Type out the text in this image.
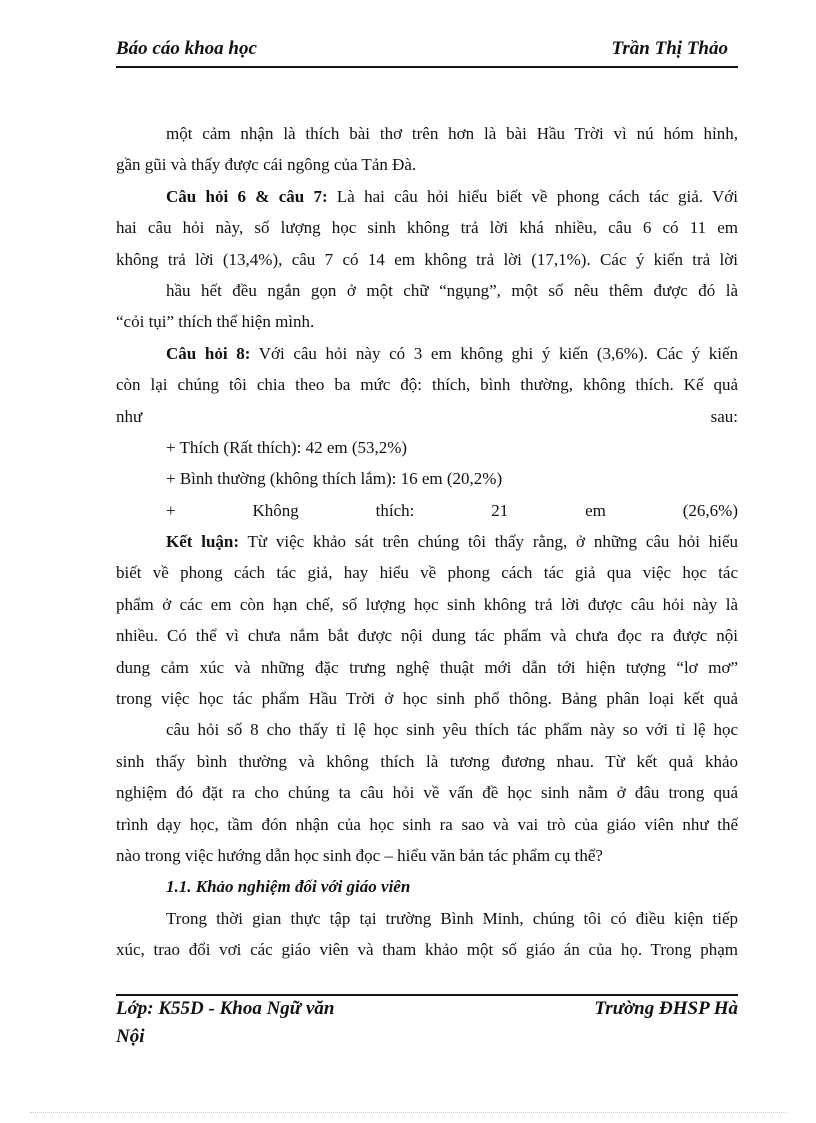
Báo cáo khoa học	Trần Thị Thảo
một cảm nhận là thích bài thơ trên hơn là bài Hầu Trời vì nú hóm hỉnh,
gần gũi và thấy được cái ngông của Tản Đà.
Câu hỏi 6 & câu 7: Là hai câu hỏi hiểu biết về phong cách tác giả. Với
hai câu hỏi này, số lượng học sinh không trả lời khá nhiều, câu 6 có 11 em
không trả lời (13,4%), câu 7 có 14 em không trả lời (17,1%). Các ý kiến trả lời
hầu hết đều ngắn gọn ở một chữ “ngụng”, một số nêu thêm được đó là
“cỏi tụi” thích thể hiện mình.
Câu hỏi 8: Với câu hỏi này có 3 em không ghi ý kiến (3,6%). Các ý kiến
còn lại chúng tôi chia theo ba mức độ: thích, bình thường, không thích. Kế quả
như sau:
+ Thích (Rất thích): 42 em (53,2%)
+ Bình thường (không thích lắm): 16 em (20,2%)
+ Không thích: 21 em (26,6%)
Kết luận: Từ việc khảo sát trên chúng tôi thấy rằng, ở những câu hỏi hiểu
biết về phong cách tác giả, hay hiểu về phong cách tác giả qua việc học tác
phẩm ở các em còn hạn chế, số lượng học sinh không trả lời được câu hỏi này là
nhiều. Có thể vì chưa nắm bắt được nội dung tác phẩm và chưa đọc ra được nội
dung cảm xúc và những đặc trưng nghệ thuật mới dẫn tới hiện tượng “lơ mơ”
trong việc học tác phẩm Hầu Trời ở học sinh phổ thông. Bảng phân loại kết quả
câu hỏi số 8 cho thấy tỉ lệ học sinh yêu thích tác phẩm này so với tỉ lệ học
sinh thấy bình thường và không thích là tương đương nhau. Từ kết quả khảo
nghiệm đó đặt ra cho chúng ta câu hỏi về vấn đề học sinh nằm ở đâu trong quá
trình dạy học, tầm đón nhận của học sinh ra sao và vai trò của giáo viên như thế
nào trong việc hướng dẫn học sinh đọc – hiểu văn bản tác phẩm cụ thể?
1.1. Khảo nghiệm đối với giáo viên
Trong thời gian thực tập tại trường Bình Minh, chúng tôi có điều kiện tiếp
xúc, trao đổi vơi các giáo viên và tham khảo một số giáo án của họ. Trong phạm
Lớp: K55D - Khoa Ngữ văn	Trường ĐHSP Hà
Nội
